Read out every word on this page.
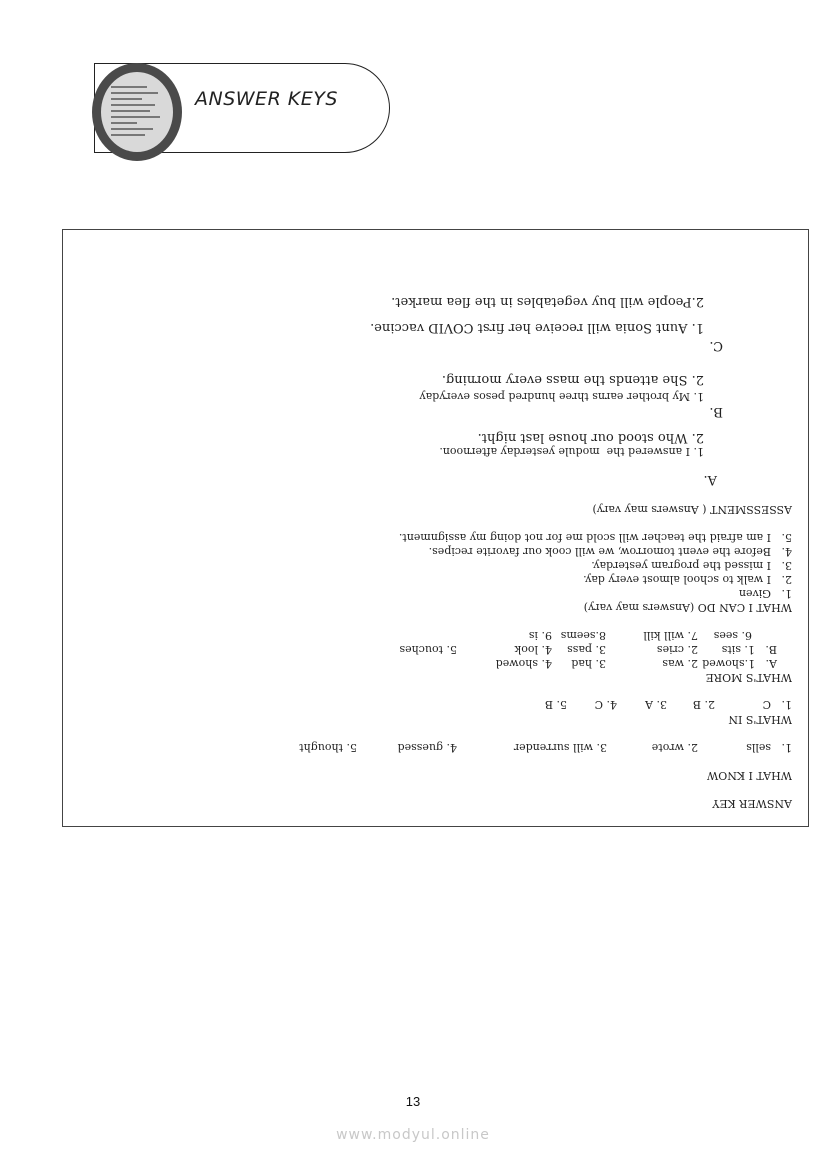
ANSWER KEYS
ANSWER KEY
WHAT I KNOW
1.   sells
2. wrote
3. will surrender
4. guessed
5. thought
WHAT'S IN
1.   C
2. B
3. A
4. C
5. B
WHAT'S MORE
A.   1.showed
2. was
3. had
4. showed
B.   1. sits
2. cries
3. pass
4. look
5. touches
6. sees
7. will kill
8.seems
9. is
WHAT I CAN DO (Answers may vary)
1.   Given
2.   I walk to school almost every day.
3.   I missed the program yesterday.
4.   Before the event tomorrow, we will cook our favorite recipes.
5.   I am afraid the teacher will scold me for not doing my assignment.
ASSESSMENT ( Answers may vary)
A.
1. I answered the  module yesterday afternoon.
2. Who stood our house last night.
B.
1. My brother earns three hundred pesos everyday
2. She attends the mass every morning.
C.
1. Aunt Sonia will receive her first COVID vaccine.
2.People will buy vegetables in the flea market.
13
www.modyul.online
